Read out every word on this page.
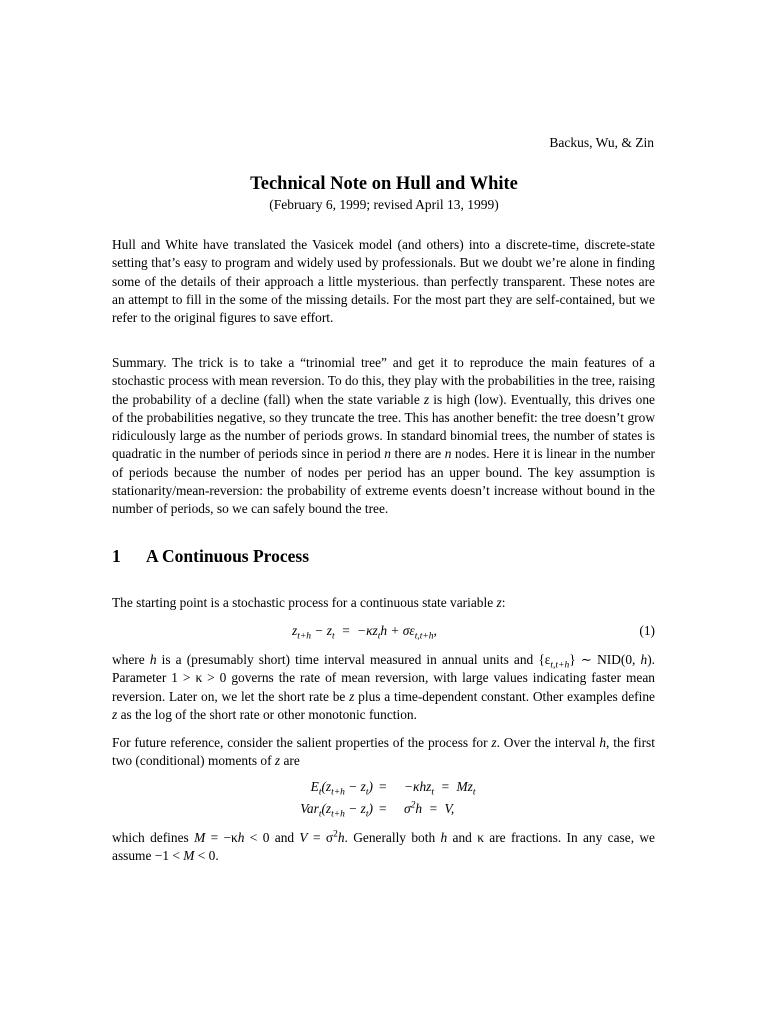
Backus, Wu, & Zin
Technical Note on Hull and White
(February 6, 1999; revised April 13, 1999)

Hull and White have translated the Vasicek model (and others) into a discrete-time, discrete-state setting that’s easy to program and widely used by professionals. But we doubt we’re alone in finding some of the details of their approach a little mysterious. than perfectly transparent. These notes are an attempt to fill in the some of the missing details. For the most part they are self-contained, but we refer to the original figures to save effort.

Summary. The trick is to take a “trinomial tree” and get it to reproduce the main features of a stochastic process with mean reversion. To do this, they play with the probabilities in the tree, raising the probability of a decline (fall) when the state variable z is high (low). Eventually, this drives one of the probabilities negative, so they truncate the tree. This has another benefit: the tree doesn’t grow ridiculously large as the number of periods grows. In standard binomial trees, the number of states is quadratic in the number of periods since in period n there are n nodes. Here it is linear in the number of periods because the number of nodes per period has an upper bound. The key assumption is stationarity/mean-reversion: the probability of extreme events doesn’t increase without bound in the number of periods, so we can safely bound the tree.

1 A Continuous Process

The starting point is a stochastic process for a continuous state variable z:

$z_{t+h} - z_t = -\kappa z_th + \sigma\varepsilon_{t,t+h}$,	(1)

where h is a (presumably short) time interval measured in annual units and $\{\varepsilon_{t,t+h}\}$ ∼ NID(0, h). Parameter 1 > κ > 0 governs the rate of mean reversion, with large values indicating faster mean reversion. Later on, we let the short rate be z plus a time-dependent constant. Other examples define z as the log of the short rate or other monotonic function.

For future reference, consider the salient properties of the process for z. Over the interval h, the first two (conditional) moments of z are

$E_t(z_{t+h} - z_t) = -\kappa hz_t = Mz_t$
$Var_t(z_{t+h} - z_t) = \sigma^2h = V$,

which defines M = −κh < 0 and $V = \sigma^2h$. Generally both h and κ are fractions. In any case, we assume −1 < M < 0.
